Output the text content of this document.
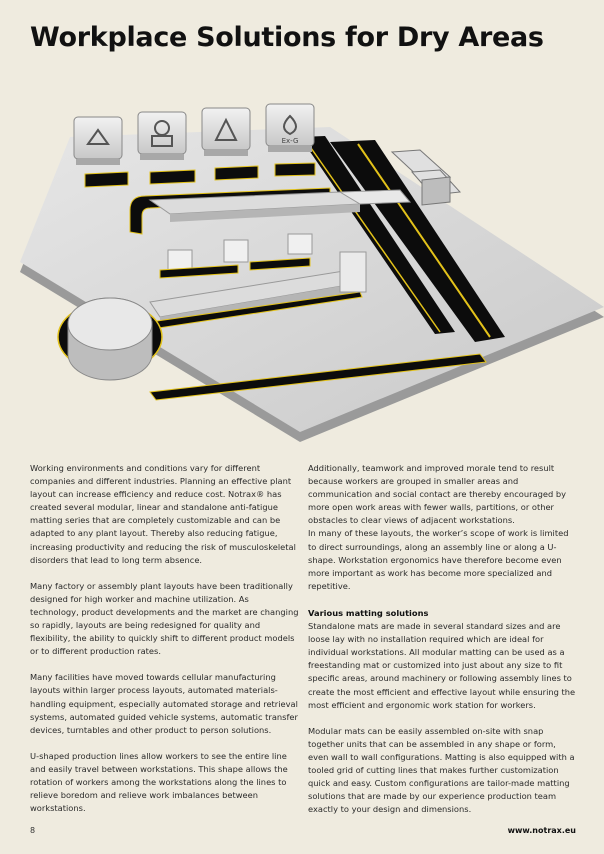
Workplace Solutions for Dry Areas
Ex-G

Working environments and conditions vary for different companies and different industries. Planning an effective plant layout can increase efficiency and reduce cost. Notrax® has created several modular, linear and standalone anti-fatigue matting series that are completely customizable and can be adapted to any plant layout. Thereby also reducing fatigue, increasing productivity and reducing the risk of musculoskeletal disorders that lead to long term absence.

Many factory or assembly plant layouts have been traditionally designed for high worker and machine utilization. As technology, product developments and the market are changing so rapidly, layouts are being redesigned for quality and flexibility, the ability to quickly shift to different product models or to different production rates.

Many facilities have moved towards cellular manufacturing layouts within larger process layouts, automated materials-handling equipment, especially automated storage and retrieval systems, automated guided vehicle systems, automatic transfer devices, turntables and other product to person solutions.

U-shaped production lines allow workers to see the entire line and easily travel between workstations. This shape allows the rotation of workers among the workstations along the lines to relieve boredom and relieve work imbalances between workstations.

Additionally, teamwork and improved morale tend to result because workers are grouped in smaller areas and communication and social contact are thereby encouraged by more open work areas with fewer walls, partitions, or other obstacles to clear views of adjacent workstations.

In many of these layouts, the worker’s scope of work is limited to direct surroundings, along an assembly line or along a U-shape. Workstation ergonomics have therefore become even more important as work has become more specialized and repetitive.

Various matting solutions

Standalone mats are made in several standard sizes and are loose lay with no installation required which are ideal for individual workstations. All modular matting can be used as a freestanding mat or customized into just about any size to fit specific areas, around machinery or following assembly lines to create the most efficient and effective layout while ensuring the most efficient and ergonomic work station for workers.

Modular mats can be easily assembled on-site with snap together units that can be assembled in any shape or form, even wall to wall configurations. Matting is also equipped with a tooled grid of cutting lines that makes further customization quick and easy. Custom configurations are tailor-made matting solutions that are made by our experience production team exactly to your design and dimensions.

8	www.notrax.eu
